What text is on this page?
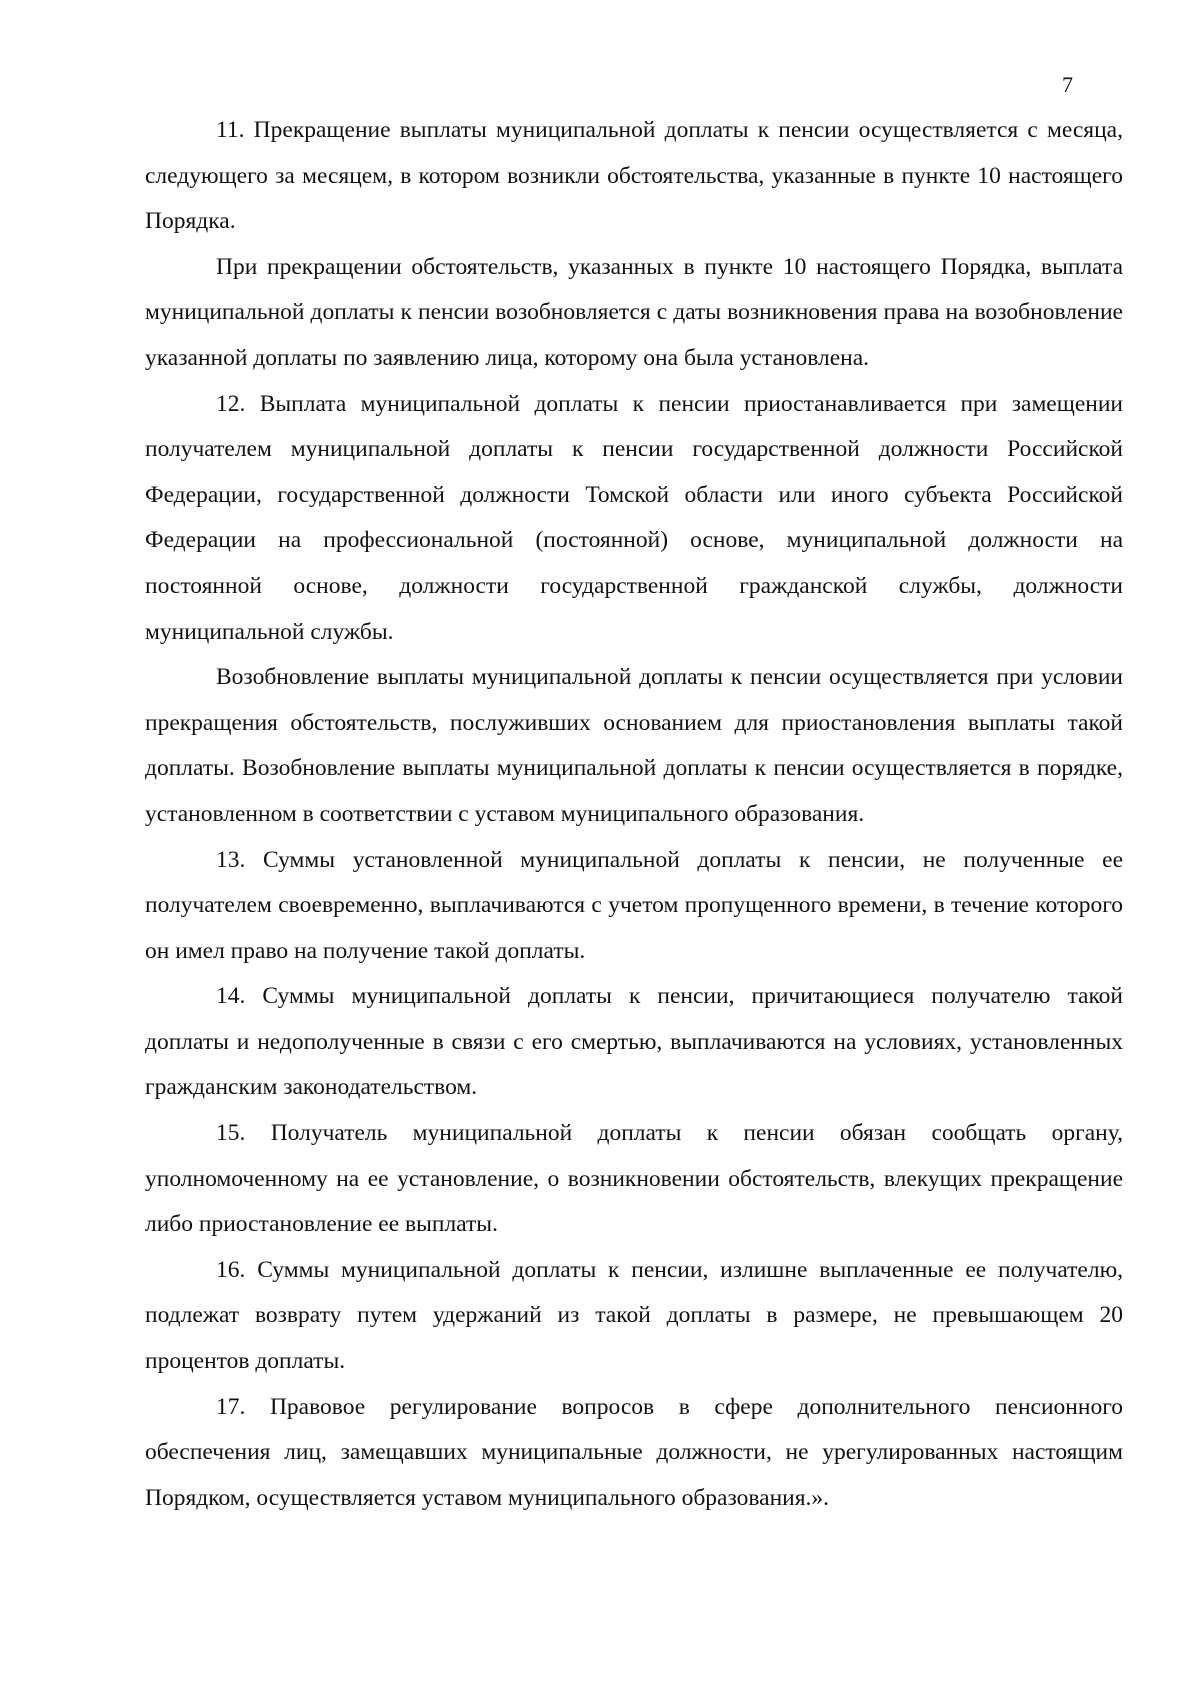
7

11. Прекращение выплаты муниципальной доплаты к пенсии осуществляется с месяца, следующего за месяцем, в котором возникли обстоятельства, указанные в пункте 10 настоящего Порядка.

При прекращении обстоятельств, указанных в пункте 10 настоящего Порядка, выплата муниципальной доплаты к пенсии возобновляется с даты возникновения права на возобновление указанной доплаты по заявлению лица, которому она была установлена.

12. Выплата муниципальной доплаты к пенсии приостанавливается при замещении получателем муниципальной доплаты к пенсии государственной должности Российской Федерации, государственной должности Томской области или иного субъекта Российской Федерации на профессиональной (постоянной) основе, муниципальной должности на постоянной основе, должности государственной гражданской службы, должности муниципальной службы.

Возобновление выплаты муниципальной доплаты к пенсии осуществляется при условии прекращения обстоятельств, послуживших основанием для приостановления выплаты такой доплаты. Возобновление выплаты муниципальной доплаты к пенсии осуществляется в порядке, установленном в соответствии с уставом муниципального образования.

13. Суммы установленной муниципальной доплаты к пенсии, не полученные ее получателем своевременно, выплачиваются с учетом пропущенного времени, в течение которого он имел право на получение такой доплаты.

14. Суммы муниципальной доплаты к пенсии, причитающиеся получателю такой доплаты и недополученные в связи с его смертью, выплачиваются на условиях, установленных гражданским законодательством.

15. Получатель муниципальной доплаты к пенсии обязан сообщать органу, уполномоченному на ее установление, о возникновении обстоятельств, влекущих прекращение либо приостановление ее выплаты.

16. Суммы муниципальной доплаты к пенсии, излишне выплаченные ее получателю, подлежат возврату путем удержаний из такой доплаты в размере, не превышающем 20 процентов доплаты.

17. Правовое регулирование вопросов в сфере дополнительного пенсионного обеспечения лиц, замещавших муниципальные должности, не урегулированных настоящим Порядком, осуществляется уставом муниципального образования.».
